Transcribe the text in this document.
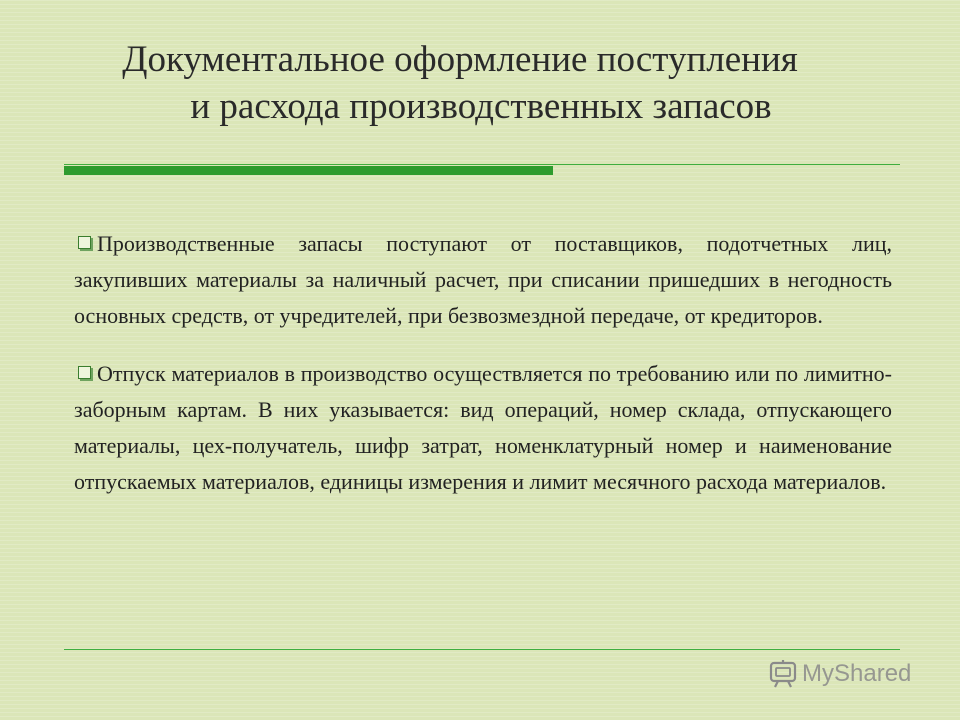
Документальное оформление поступления
и расхода производственных запасов

Производственные запасы поступают от поставщиков, подотчетных лиц, закупивших материалы за наличный расчет, при списании пришедших в негодность основных средств, от учредителей, при безвозмездной передаче, от кредиторов.

Отпуск материалов в производство осуществляется по требованию или по лимитно-заборным картам. В них указывается: вид операций, номер склада, отпускающего материалы, цех-получатель, шифр затрат, номенклатурный номер и наименование отпускаемых материалов, единицы измерения и лимит месячного расхода материалов.

MyShared
